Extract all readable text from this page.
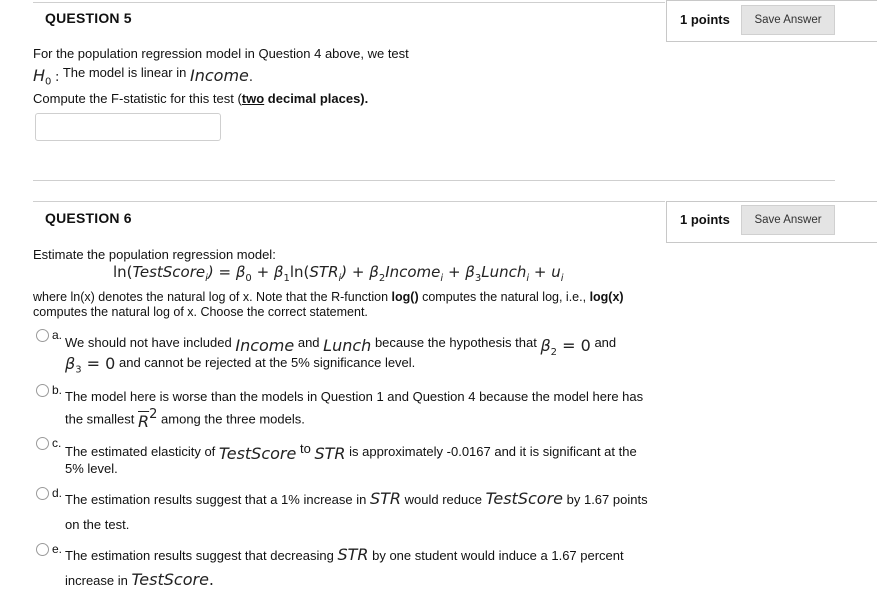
QUESTION 5	1 points	Save Answer
For the population regression model in Question 4 above, we test
$H_0$ : The model is linear in Income.
Compute the F-statistic for this test (two decimal places).
QUESTION 6	1 points	Save Answer
Estimate the population regression model:
ln(TestScore$_i$) = $\beta_0 + \beta_1\ln(STR_i)$ + $\beta_2Income_i$ + $\beta_3Lunch_i + u_i$
where ln(x) denotes the natural log of x. Note that the R-function log() computes the natural log, i.e., log(x)
computes the natural log of x. Choose the correct statement.
a. We should not have included Income and Lunch because the hypothesis that $\beta_2 = 0$ and
$\beta_3 = 0$ and cannot be rejected at the 5% significance level.
b. The model here is worse than the models in Question 1 and Question 4 because the model here has
the smallest $\overline{R}^2$ among the three models.
c.
The estimated elasticity of TestScore to STR is approximately -0.0167 and it is significant at the
5% level.
d. The estimation results suggest that a 1% increase in STR would reduce TestScore by 1.67 points
on the test.
e. The estimation results suggest that decreasing STR by one student would induce a 1.67 percent
increase in TestScore.
